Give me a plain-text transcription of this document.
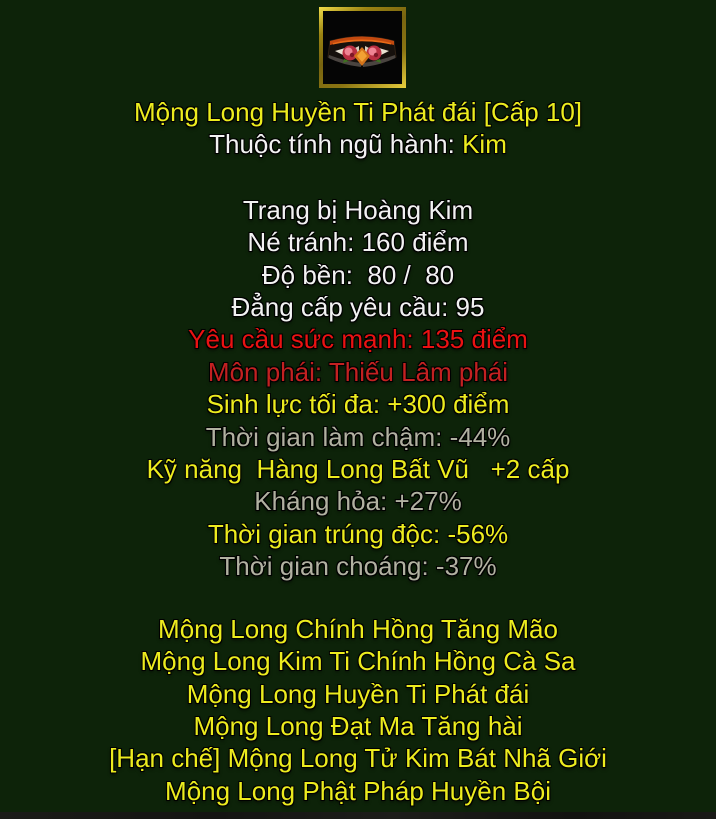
Mộng Long Huyền Ti Phát đái [Cấp 10]
Thuộc tính ngũ hành: Kim
Trang bị Hoàng Kim
Né tránh: 160 điểm
Độ bền:  80 /  80
Đẳng cấp yêu cầu: 95
Yêu cầu sức mạnh: 135 điểm
Môn phái: Thiếu Lâm phái
Sinh lực tối đa: +300 điểm
Thời gian làm chậm: -44%
Kỹ năng  Hàng Long Bất Vũ   +2 cấp
Kháng hỏa: +27%
Thời gian trúng độc: -56%
Thời gian choáng: -37%
Mộng Long Chính Hồng Tăng Mão
Mộng Long Kim Ti Chính Hồng Cà Sa
Mộng Long Huyền Ti Phát đái
Mộng Long Đạt Ma Tăng hài
[Hạn chế] Mộng Long Tử Kim Bát Nhã Giới
Mộng Long Phật Pháp Huyền Bội
